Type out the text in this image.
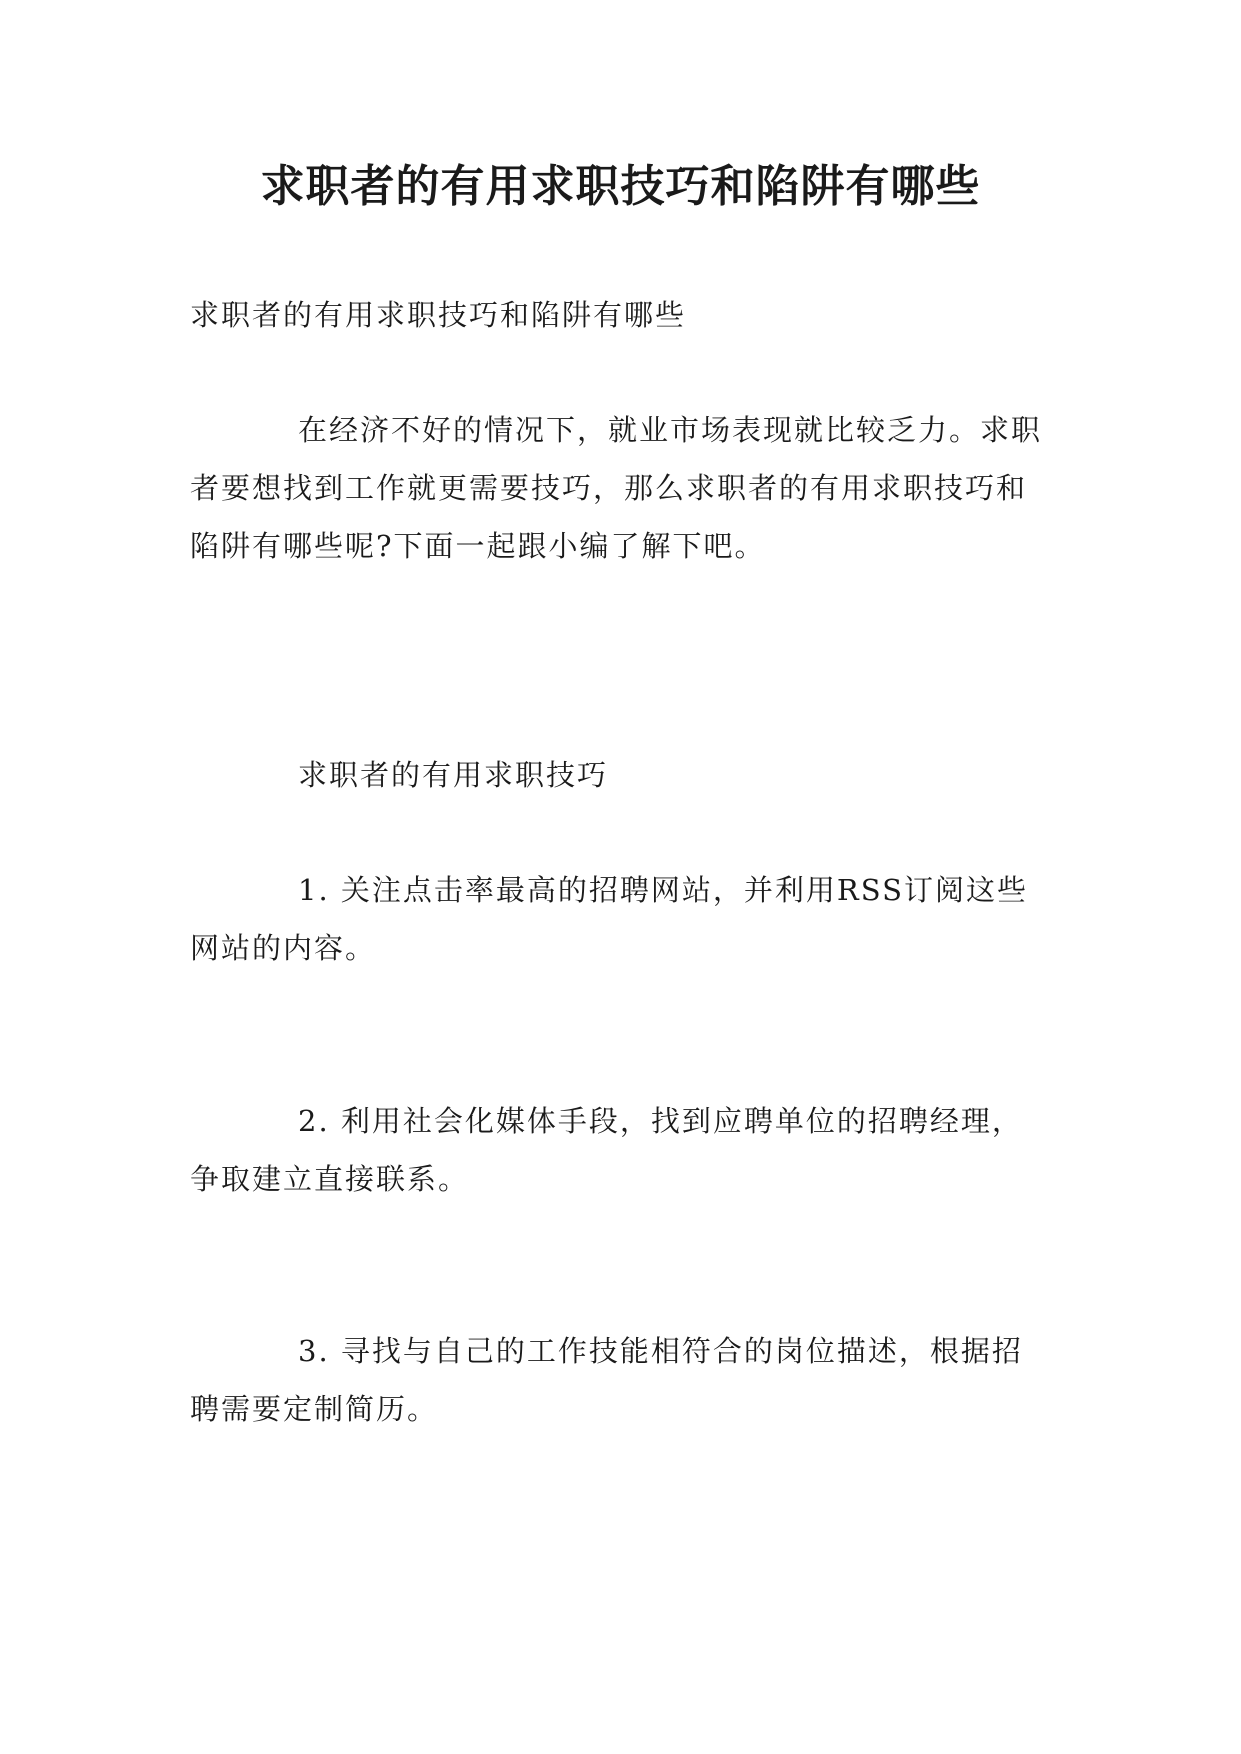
求职者的有用求职技巧和陷阱有哪些

求职者的有用求职技巧和陷阱有哪些

在经济不好的情况下，就业市场表现就比较乏力。求职者要想找到工作就更需要技巧，那么求职者的有用求职技巧和陷阱有哪些呢?下面一起跟小编了解下吧。

求职者的有用求职技巧

1. 关注点击率最高的招聘网站，并利用RSS订阅这些网站的内容。

2. 利用社会化媒体手段，找到应聘单位的招聘经理，争取建立直接联系。

3. 寻找与自己的工作技能相符合的岗位描述，根据招聘需要定制简历。
